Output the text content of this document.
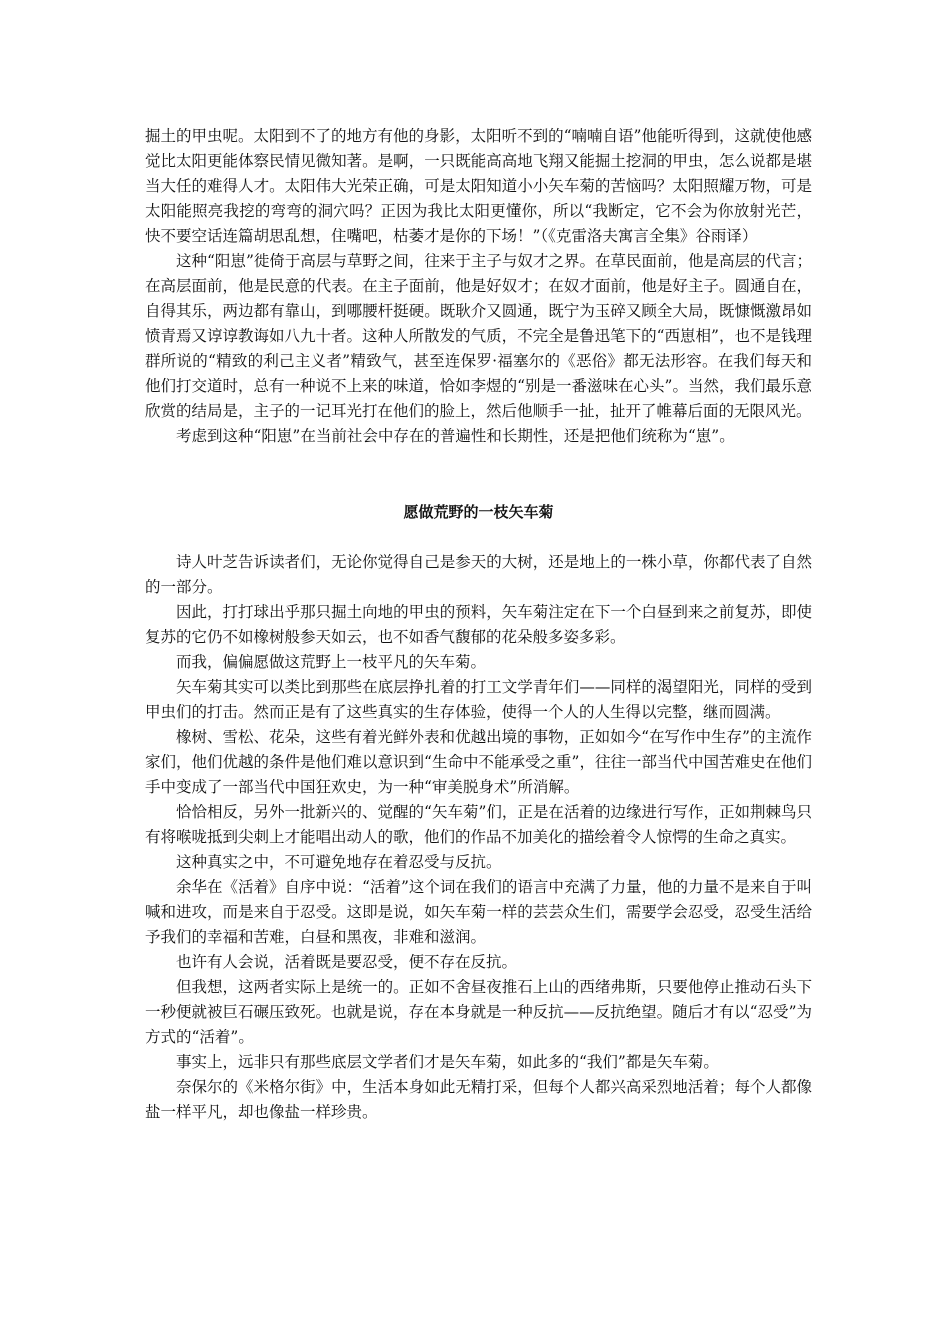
掘土的甲虫呢。太阳到不了的地方有他的身影，太阳听不到的“喃喃自语”他能听得到，这就使他感觉比太阳更能体察民情见微知著。是啊，一只既能高高地飞翔又能掘土挖洞的甲虫，怎么说都是堪当大任的难得人才。太阳伟大光荣正确，可是太阳知道小小矢车菊的苦恼吗？太阳照耀万物，可是太阳能照亮我挖的弯弯的洞穴吗？正因为我比太阳更懂你，所以“我断定，它不会为你放射光芒，快不要空话连篇胡思乱想，住嘴吧，枯萎才是你的下场！”（《克雷洛夫寓言全集》谷雨译）

这种“阳崽”徙倚于高层与草野之间，往来于主子与奴才之界。在草民面前，他是高层的代言；在高层面前，他是民意的代表。在主子面前，他是好奴才；在奴才面前，他是好主子。圆通自在，自得其乐，两边都有靠山，到哪腰杆挺硬。既耿介又圆通，既宁为玉碎又顾全大局，既慷慨激昂如愤青焉又谆谆教诲如八九十者。这种人所散发的气质，不完全是鲁迅笔下的“西崽相”，也不是钱理群所说的“精致的利己主义者”精致气，甚至连保罗·福塞尔的《恶俗》都无法形容。在我们每天和他们打交道时，总有一种说不上来的味道，恰如李煜的“别是一番滋味在心头”。当然，我们最乐意欣赏的结局是，主子的一记耳光打在他们的脸上，然后他顺手一扯，扯开了帷幕后面的无限风光。

考虑到这种“阳崽”在当前社会中存在的普遍性和长期性，还是把他们统称为“崽”。

愿做荒野的一枝矢车菊

诗人叶芝告诉读者们，无论你觉得自己是参天的大树，还是地上的一株小草，你都代表了自然的一部分。

因此，打打球出乎那只掘土向地的甲虫的预料，矢车菊注定在下一个白昼到来之前复苏，即使复苏的它仍不如橡树般参天如云，也不如香气馥郁的花朵般多姿多彩。

而我，偏偏愿做这荒野上一枝平凡的矢车菊。

矢车菊其实可以类比到那些在底层挣扎着的打工文学青年们——同样的渴望阳光，同样的受到甲虫们的打击。然而正是有了这些真实的生存体验，使得一个人的人生得以完整，继而圆满。

橡树、雪松、花朵，这些有着光鲜外表和优越出境的事物，正如如今“在写作中生存”的主流作家们，他们优越的条件是他们难以意识到“生命中不能承受之重”，往往一部当代中国苦难史在他们手中变成了一部当代中国狂欢史，为一种“审美脱身术”所消解。

恰恰相反，另外一批新兴的、觉醒的“矢车菊”们，正是在活着的边缘进行写作，正如荆棘鸟只有将喉咙抵到尖刺上才能唱出动人的歌，他们的作品不加美化的描绘着令人惊愕的生命之真实。

这种真实之中，不可避免地存在着忍受与反抗。

余华在《活着》自序中说：“活着”这个词在我们的语言中充满了力量，他的力量不是来自于叫喊和进攻，而是来自于忍受。这即是说，如矢车菊一样的芸芸众生们，需要学会忍受，忍受生活给予我们的幸福和苦难，白昼和黑夜，非难和滋润。

也许有人会说，活着既是要忍受，便不存在反抗。

但我想，这两者实际上是统一的。正如不舍昼夜推石上山的西绪弗斯，只要他停止推动石头下一秒便就被巨石碾压致死。也就是说，存在本身就是一种反抗——反抗绝望。随后才有以“忍受”为方式的“活着”。

事实上，远非只有那些底层文学者们才是矢车菊，如此多的“我们”都是矢车菊。

奈保尔的《米格尔街》中，生活本身如此无精打采，但每个人都兴高采烈地活着；每个人都像盐一样平凡，却也像盐一样珍贵。
